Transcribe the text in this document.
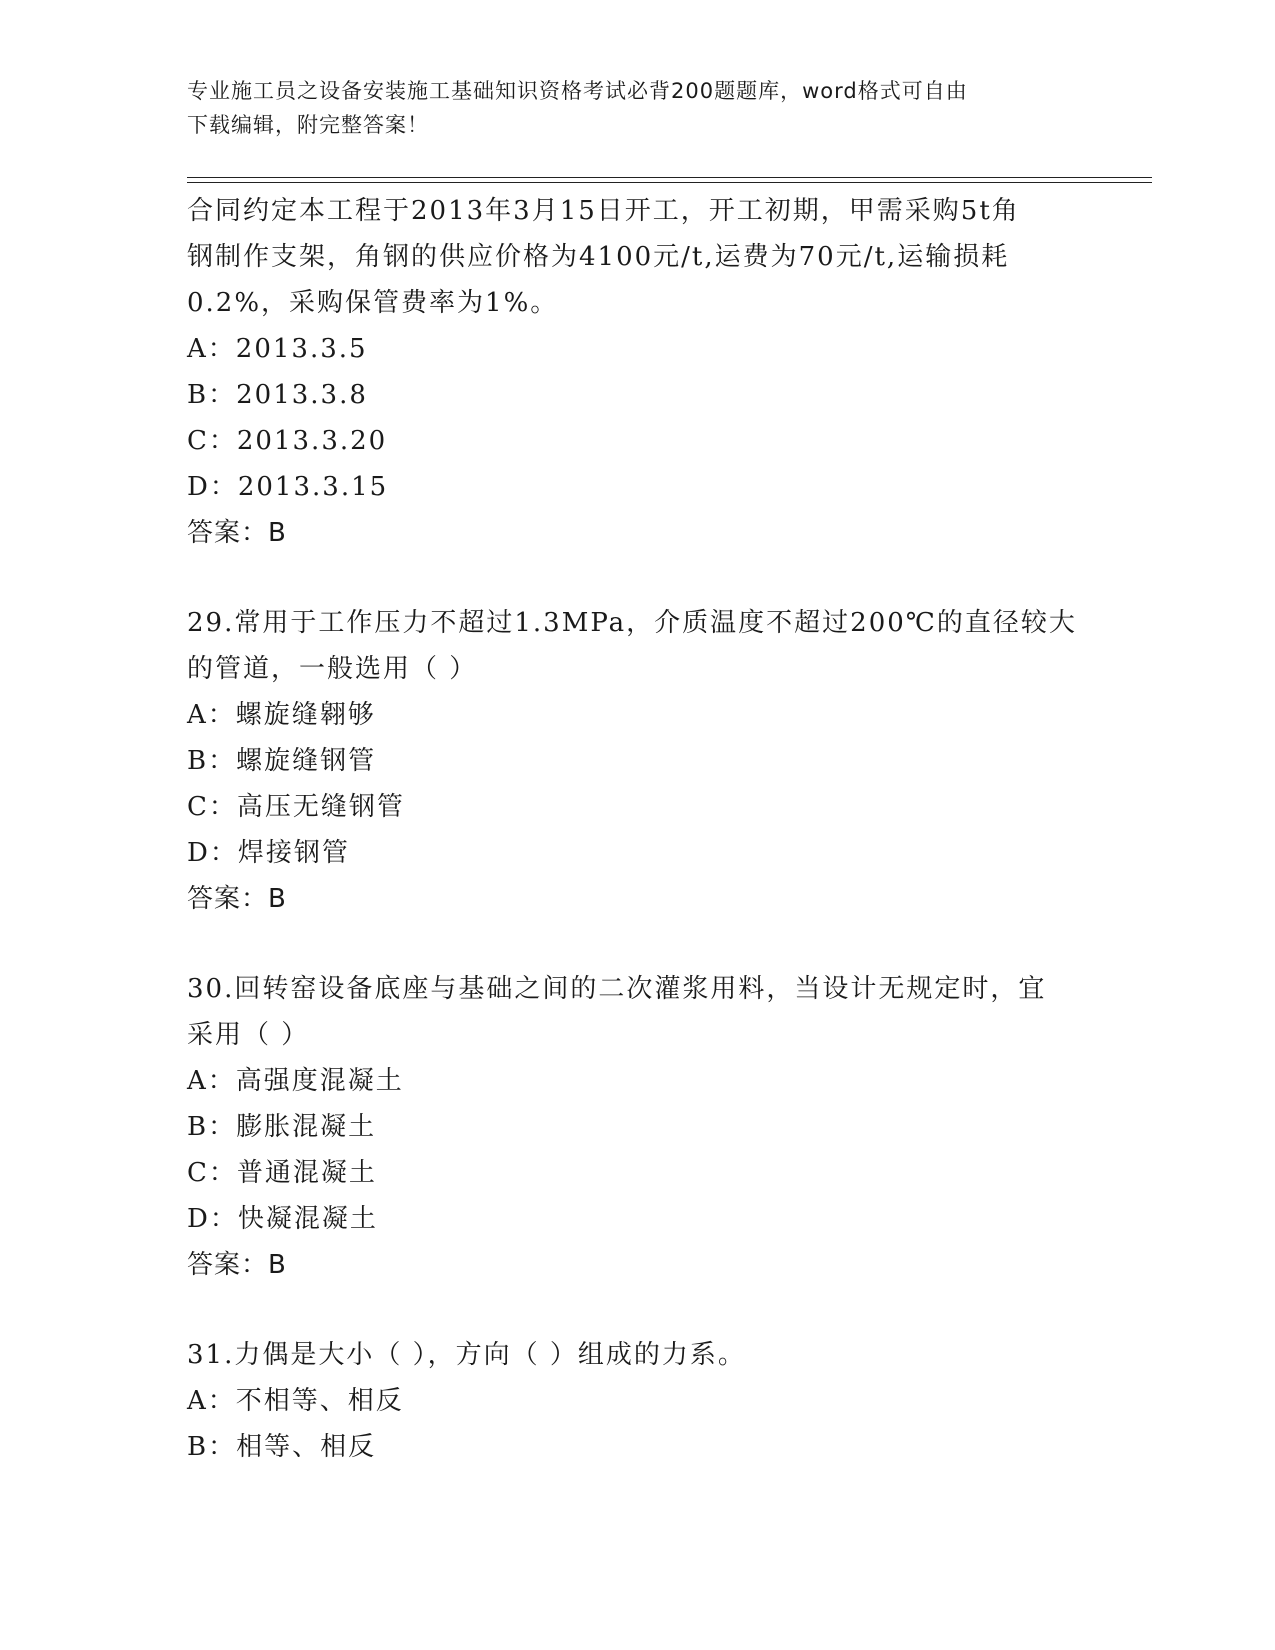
专业施工员之设备安装施工基础知识资格考试必背200题题库，word格式可自由
下载编辑，附完整答案！
合同约定本工程于2013年3月15日开工，开工初期，甲需采购5t角
钢制作支架，角钢的供应价格为4100元/t,运费为70元/t,运输损耗
0.2%，采购保管费率为1%。
A：2013.3.5
B：2013.3.8
C：2013.3.20
D：2013.3.15
答案：B
29.常用于工作压力不超过1.3MPa，介质温度不超过200℃的直径较大
的管道，一般选用（ ）
A：螺旋缝翱够
B：螺旋缝钢管
C：高压无缝钢管
D：焊接钢管
答案：B
30.回转窑设备底座与基础之间的二次灌浆用料，当设计无规定时，宜
采用（ ）
A：高强度混凝土
B：膨胀混凝土
C：普通混凝土
D：快凝混凝土
答案：B
31.力偶是大小（ ），方向（ ）组成的力系。
A：不相等、相反
B：相等、相反
